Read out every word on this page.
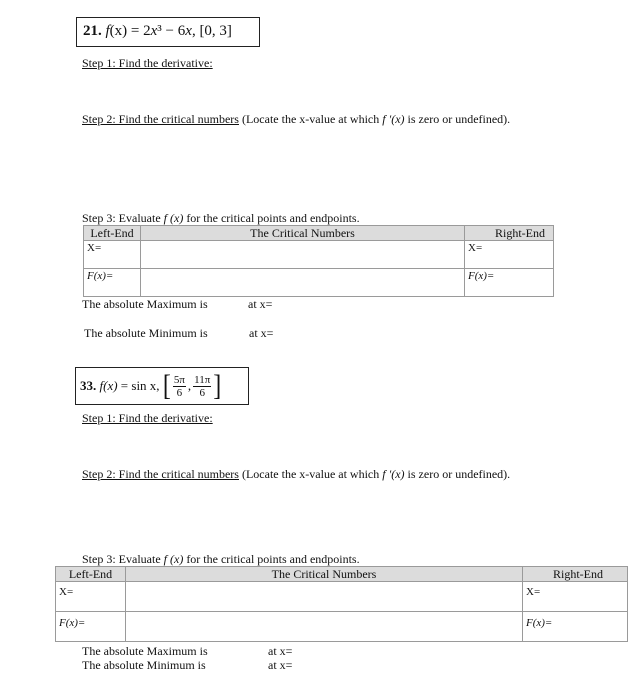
21. f(x) = 2x³ − 6x, [0, 3]
Step 1: Find the derivative:
Step 2: Find the critical numbers (Locate the x-value at which f ′(x) is zero or undefined).
Step 3: Evaluate f (x) for the critical points and endpoints.
Left-End	The Critical Numbers	Right-End

X=		X=

F(x)=		F(x)=
The absolute Maximum is	at x=
The absolute Minimum is	at x=
33.
f(x)
=
sin x,
[ $\frac{5\pi}{6}$ , $\frac{11\pi}{6}$ ]
Step 1: Find the derivative:
Step 2: Find the critical numbers (Locate the x-value at which f ′(x) is zero or undefined).
Step 3: Evaluate f (x) for the critical points and endpoints.
Left-End	The Critical Numbers	Right-End

X=		X=

F(x)=		F(x)=
The absolute Maximum is	at x=
The absolute Minimum is	at x=
